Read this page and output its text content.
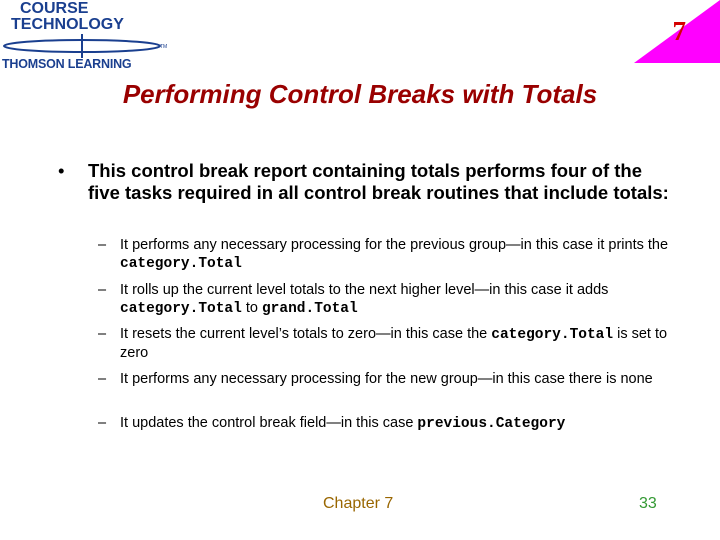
COURSE
TECHNOLOGY
TM
THOMSON LEARNING
7
Performing Control Breaks with Totals
• This control break report containing totals performs four of the five tasks required in all control break routines that include totals:
– It performs any necessary processing for the previous group—in this case it prints the category.Total
– It rolls up the current level totals to the next higher level—in this case it adds category.Total to grand.Total
– It resets the current level’s totals to zero—in this case the category.Total is set to zero
– It performs any necessary processing for the new group—in this case there is none
– It updates the control break field—in this case previous.Category
Chapter 7	33
